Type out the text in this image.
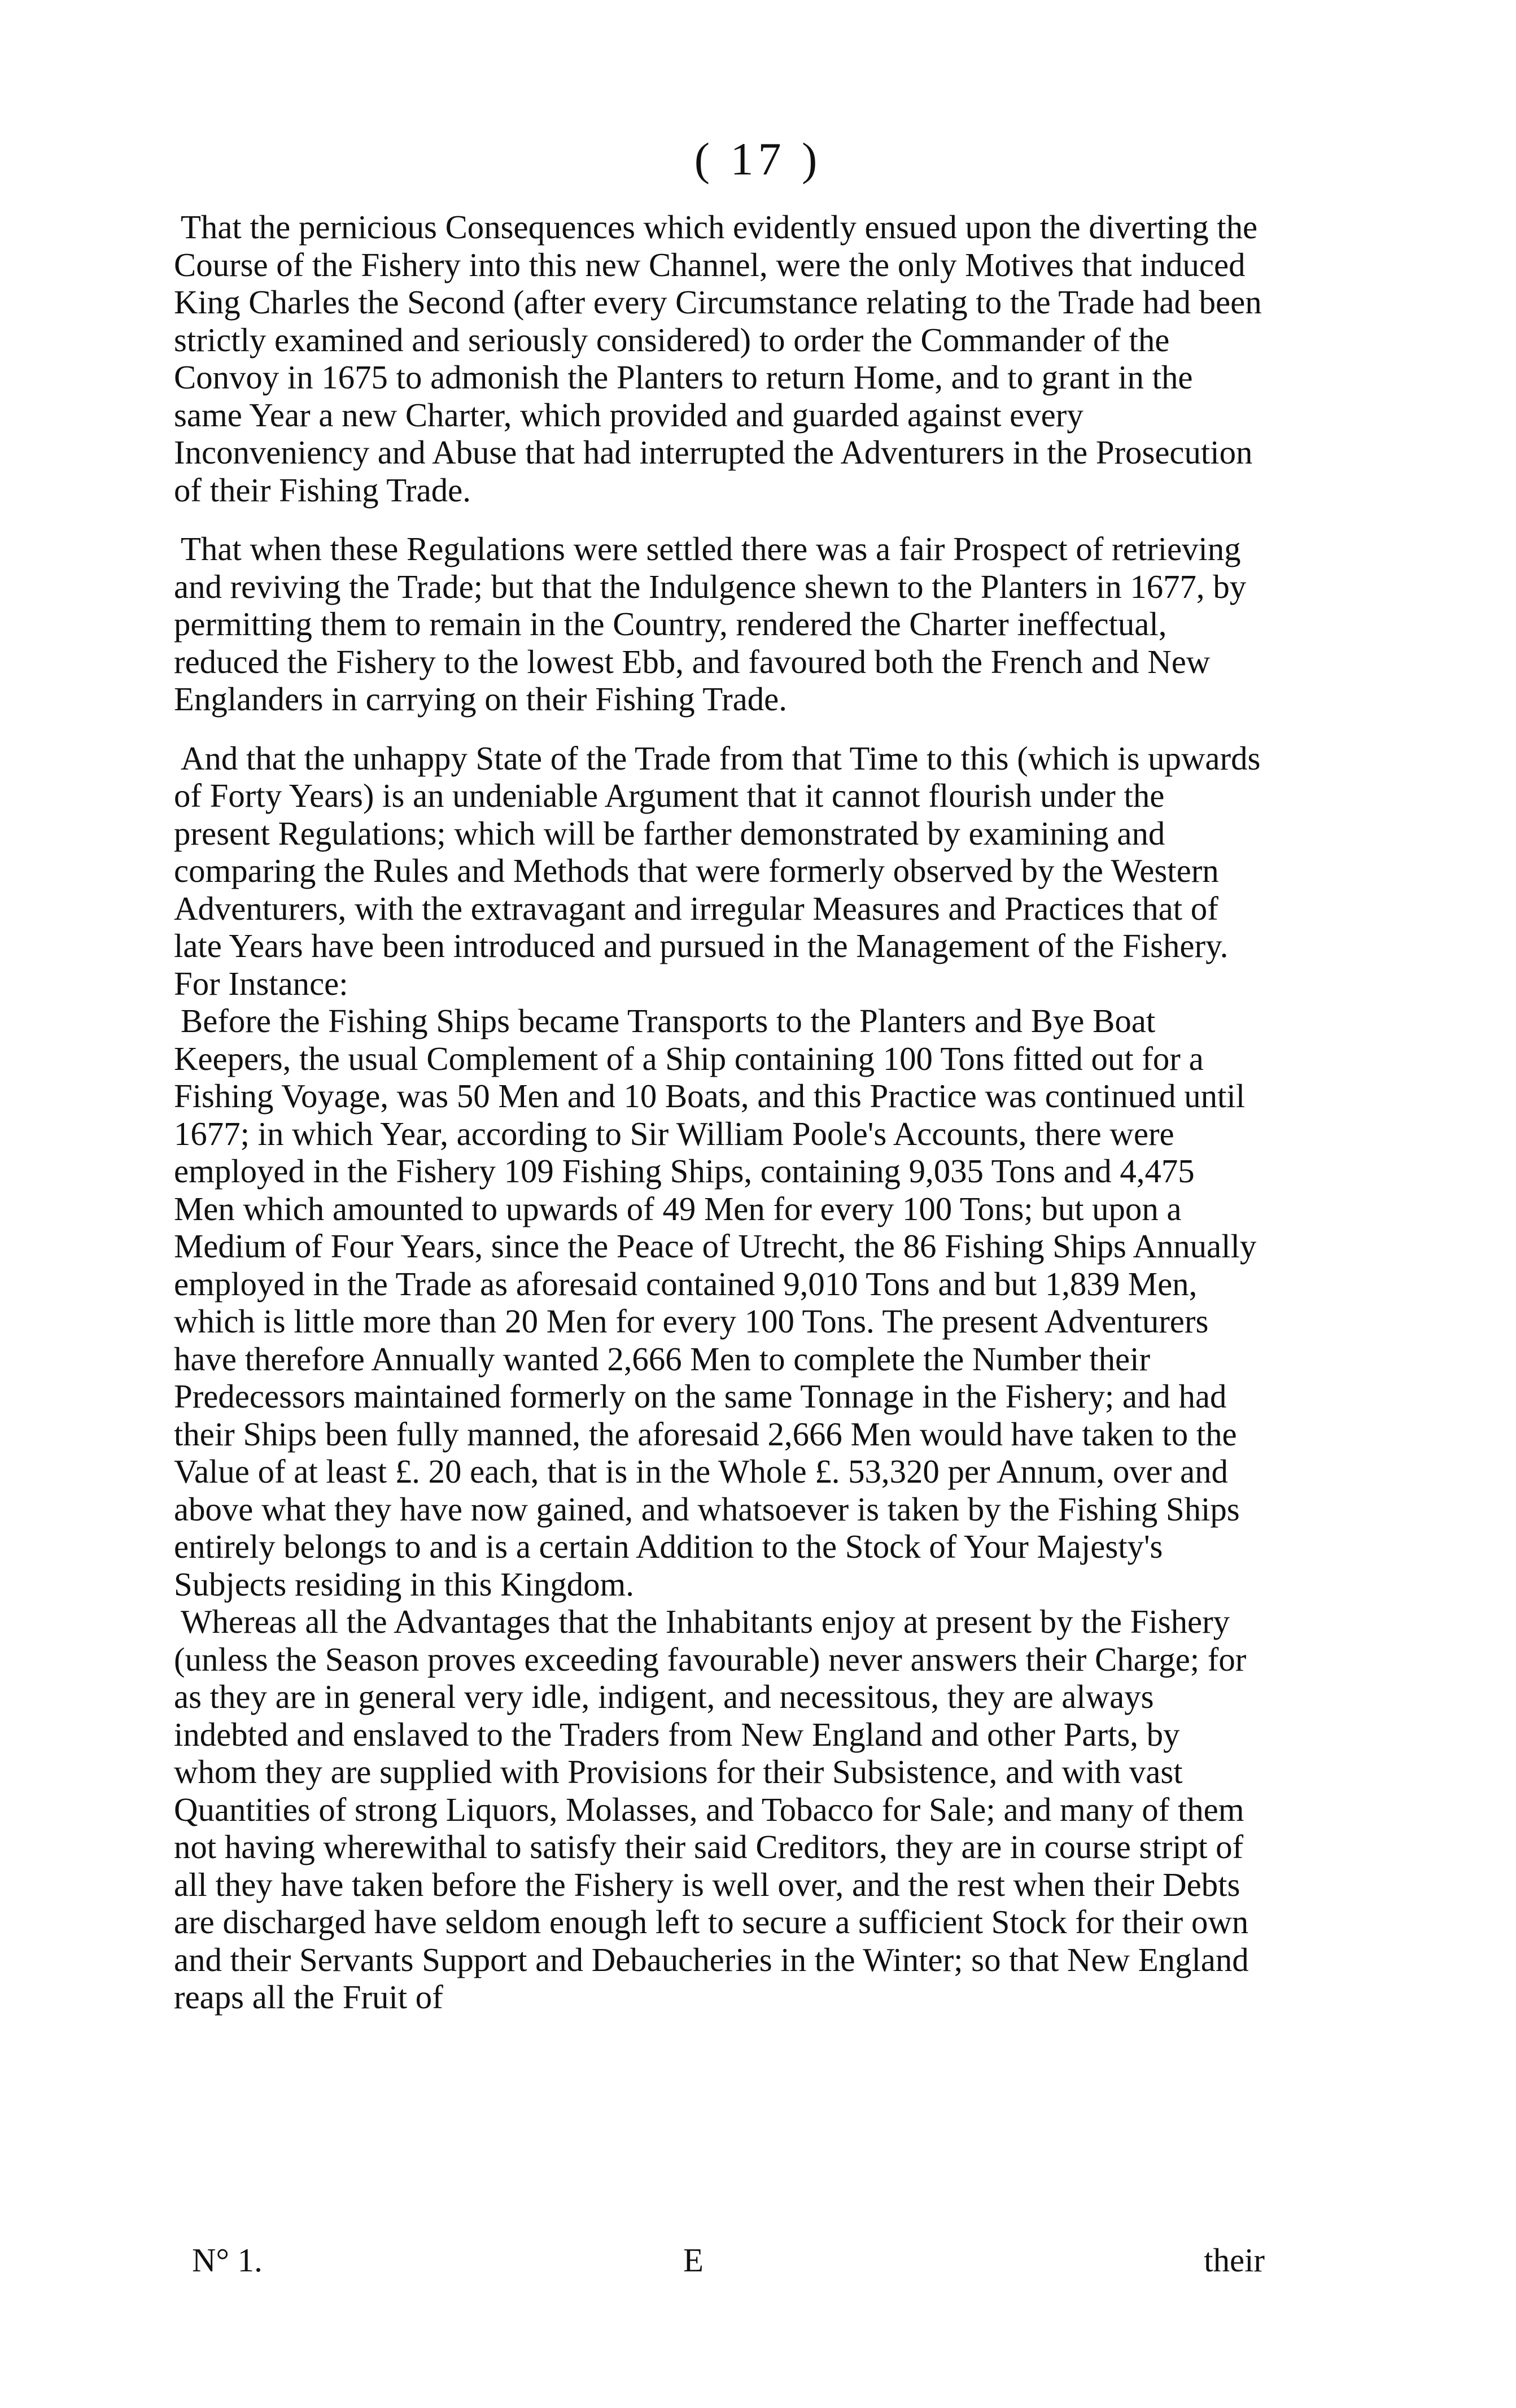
( 17 )

That the pernicious Consequences which evidently ensued upon the diverting the Course of the Fishery into this new Channel, were the only Motives that induced King Charles the Second (after every Circumstance relating to the Trade had been strictly examined and seriously considered) to order the Commander of the Convoy in 1675 to admonish the Planters to return Home, and to grant in the same Year a new Charter, which provided and guarded against every Inconveniency and Abuse that had interrupted the Adventurers in the Prosecution of their Fishing Trade.

That when these Regulations were settled there was a fair Prospect of retrieving and reviving the Trade; but that the Indulgence shewn to the Planters in 1677, by permitting them to remain in the Country, rendered the Charter ineffectual, reduced the Fishery to the lowest Ebb, and favoured both the French and New Englanders in carrying on their Fishing Trade.

And that the unhappy State of the Trade from that Time to this (which is upwards of Forty Years) is an undeniable Argument that it cannot flourish under the present Regulations; which will be farther demonstrated by examining and comparing the Rules and Methods that were formerly observed by the Western Adventurers, with the extravagant and irregular Measures and Practices that of late Years have been introduced and pursued in the Management of the Fishery. For Instance:

Before the Fishing Ships became Transports to the Planters and Bye Boat Keepers, the usual Complement of a Ship containing 100 Tons fitted out for a Fishing Voyage, was 50 Men and 10 Boats, and this Practice was continued until 1677; in which Year, according to Sir William Poole's Accounts, there were employed in the Fishery 109 Fishing Ships, containing 9,035 Tons and 4,475 Men which amounted to upwards of 49 Men for every 100 Tons; but upon a Medium of Four Years, since the Peace of Utrecht, the 86 Fishing Ships Annually employed in the Trade as aforesaid contained 9,010 Tons and but 1,839 Men, which is little more than 20 Men for every 100 Tons. The present Adventurers have therefore Annually wanted 2,666 Men to complete the Number their Predecessors maintained formerly on the same Tonnage in the Fishery; and had their Ships been fully manned, the aforesaid 2,666 Men would have taken to the Value of at least £. 20 each, that is in the Whole £. 53,320 per Annum, over and above what they have now gained, and whatsoever is taken by the Fishing Ships entirely belongs to and is a certain Addition to the Stock of Your Majesty's Subjects residing in this Kingdom.

Whereas all the Advantages that the Inhabitants enjoy at present by the Fishery (unless the Season proves exceeding favourable) never answers their Charge; for as they are in general very idle, indigent, and necessitous, they are always indebted and enslaved to the Traders from New England and other Parts, by whom they are supplied with Provisions for their Subsistence, and with vast Quantities of strong Liquors, Molasses, and Tobacco for Sale; and many of them not having wherewithal to satisfy their said Creditors, they are in course stript of all they have taken before the Fishery is well over, and the rest when their Debts are discharged have seldom enough left to secure a sufficient Stock for their own and their Servants Support and Debaucheries in the Winter; so that New England reaps all the Fruit of

N° 1.	E	their
